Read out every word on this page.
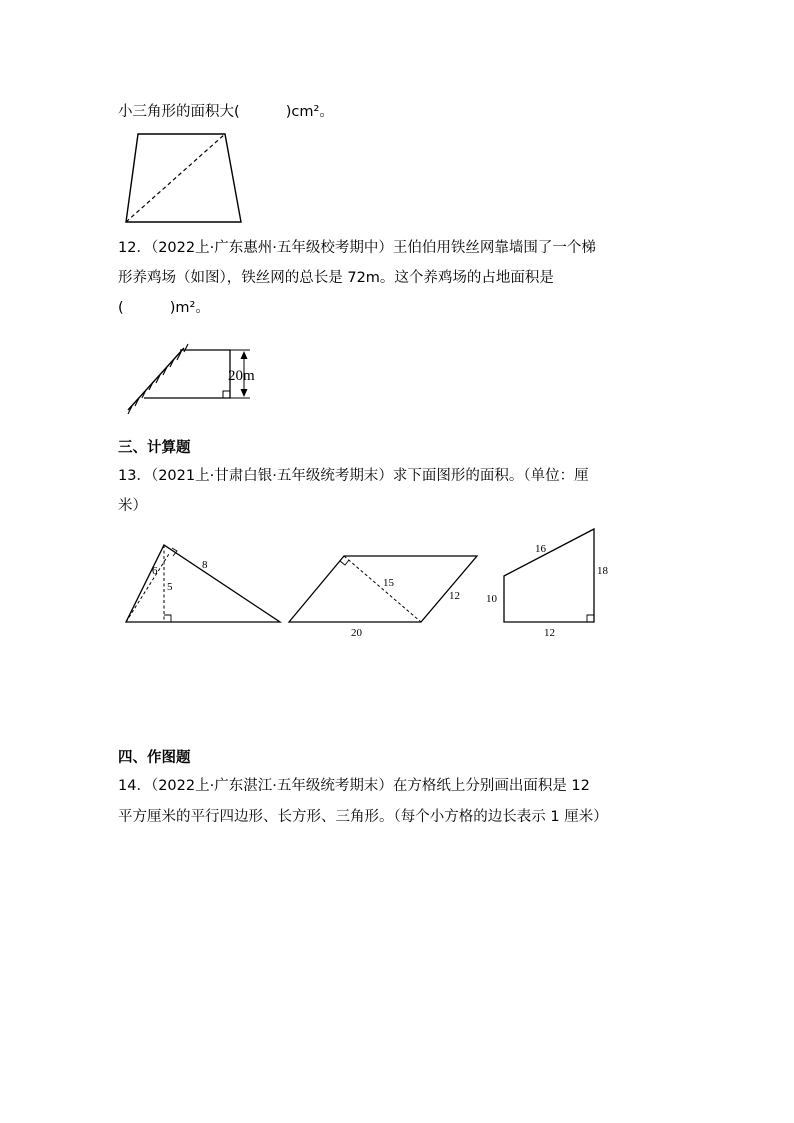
小三角形的面积大(          )cm²。
12．（2022上·广东惠州·五年级校考期中）王伯伯用铁丝网靠墙围了一个梯
形养鸡场（如图），铁丝网的总长是 72m。这个养鸡场的占地面积是
(          )m²。
20m
三、计算题
13．（2021上·甘肃白银·五年级统考期末）求下面图形的面积。（单位：厘
米）
6
5
8
15
12
20
16
18
10
12
四、作图题
14．（2022上·广东湛江·五年级统考期末）在方格纸上分别画出面积是 12
平方厘米的平行四边形、长方形、三角形。（每个小方格的边长表示 1 厘米）
